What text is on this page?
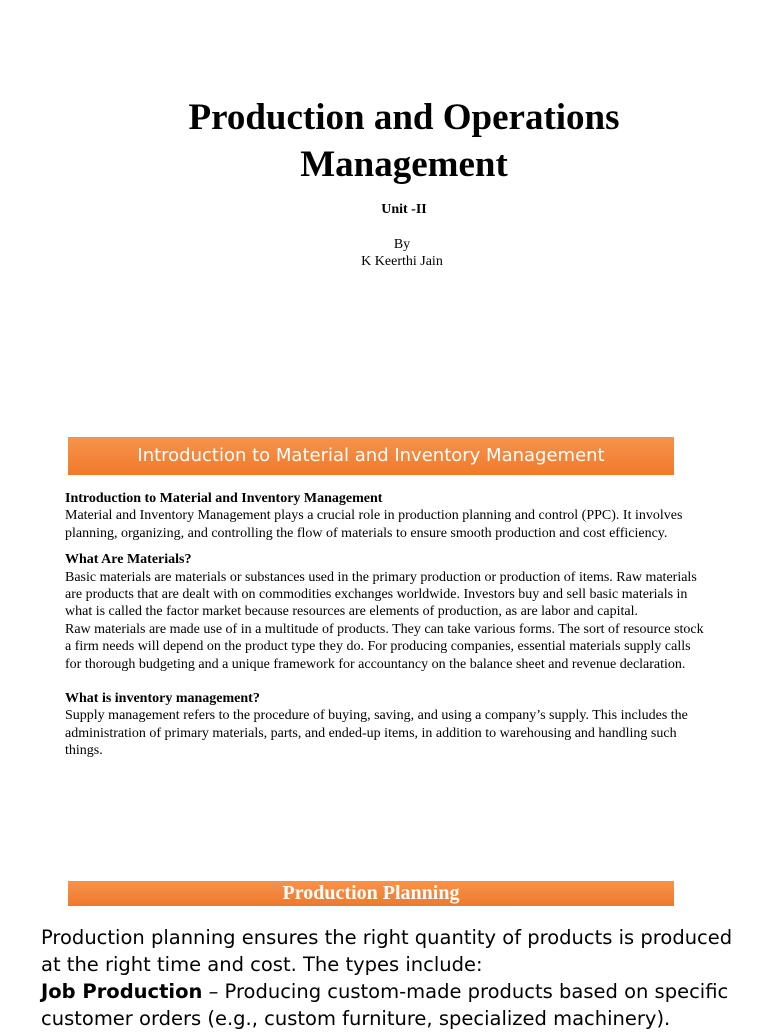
Production and Operations
Management
Unit -II
By
K Keerthi Jain
Introduction to Material and Inventory Management

Introduction to Material and Inventory Management

Material and Inventory Management plays a crucial role in production planning and control (PPC). It involves planning, organizing, and controlling the flow of materials to ensure smooth production and cost efficiency.

What Are Materials?

Basic materials are materials or substances used in the primary production or production of items. Raw materials are products that are dealt with on commodities exchanges worldwide. Investors buy and sell basic materials in what is called the factor market because resources are elements of production, as are labor and capital.

Raw materials are made use of in a multitude of products. They can take various forms. The sort of resource stock a firm needs will depend on the product type they do. For producing companies, essential materials supply calls for thorough budgeting and a unique framework for accountancy on the balance sheet and revenue declaration.

What is inventory management?

Supply management refers to the procedure of buying, saving, and using a company’s supply. This includes the administration of primary materials, parts, and ended-up items, in addition to warehousing and handling such things.

Production Planning

Production planning ensures the right quantity of products is produced at the right time and cost. The types include:

Job Production – Producing custom-made products based on specific customer orders (e.g., custom furniture, specialized machinery).
